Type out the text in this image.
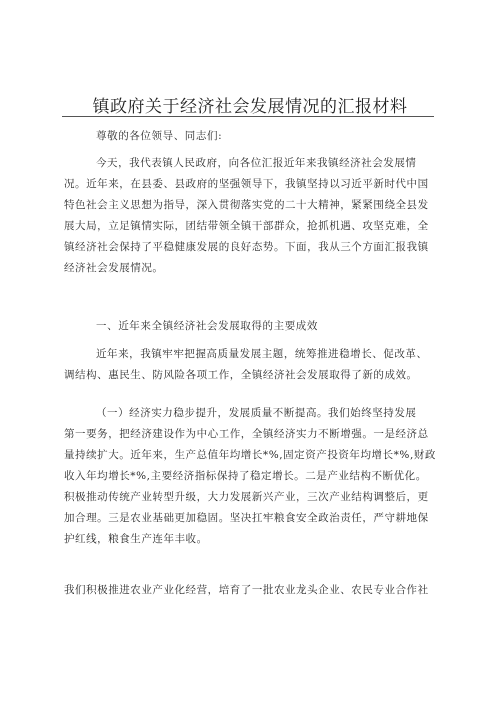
镇政府关于经济社会发展情况的汇报材料
尊敬的各位领导、同志们:
今天，我代表镇人民政府，向各位汇报近年来我镇经济社会发展情
况。近年来，在县委、县政府的坚强领导下，我镇坚持以习近平新时代中国
特色社会主义思想为指导，深入贯彻落实党的二十大精神，紧紧围绕全县发
展大局，立足镇情实际，团结带领全镇干部群众，抢抓机遇、攻坚克难，全
镇经济社会保持了平稳健康发展的良好态势。下面，我从三个方面汇报我镇
经济社会发展情况。
一、近年来全镇经济社会发展取得的主要成效
近年来，我镇牢牢把握高质量发展主题，统筹推进稳增长、促改革、
调结构、惠民生、防风险各项工作，全镇经济社会发展取得了新的成效。
（一）经济实力稳步提升，发展质量不断提高。我们始终坚持发展
第一要务，把经济建设作为中心工作，全镇经济实力不断增强。一是经济总
量持续扩大。近年来，生产总值年均增长*%,固定资产投资年均增长*%,财政
收入年均增长*%,主要经济指标保持了稳定增长。二是产业结构不断优化。
积极推动传统产业转型升级，大力发展新兴产业，三次产业结构调整后，更
加合理。三是农业基础更加稳固。坚决扛牢粮食安全政治责任，严守耕地保
护红线，粮食生产连年丰收。
我们积极推进农业产业化经营，培育了一批农业龙头企业、农民专业合作社
